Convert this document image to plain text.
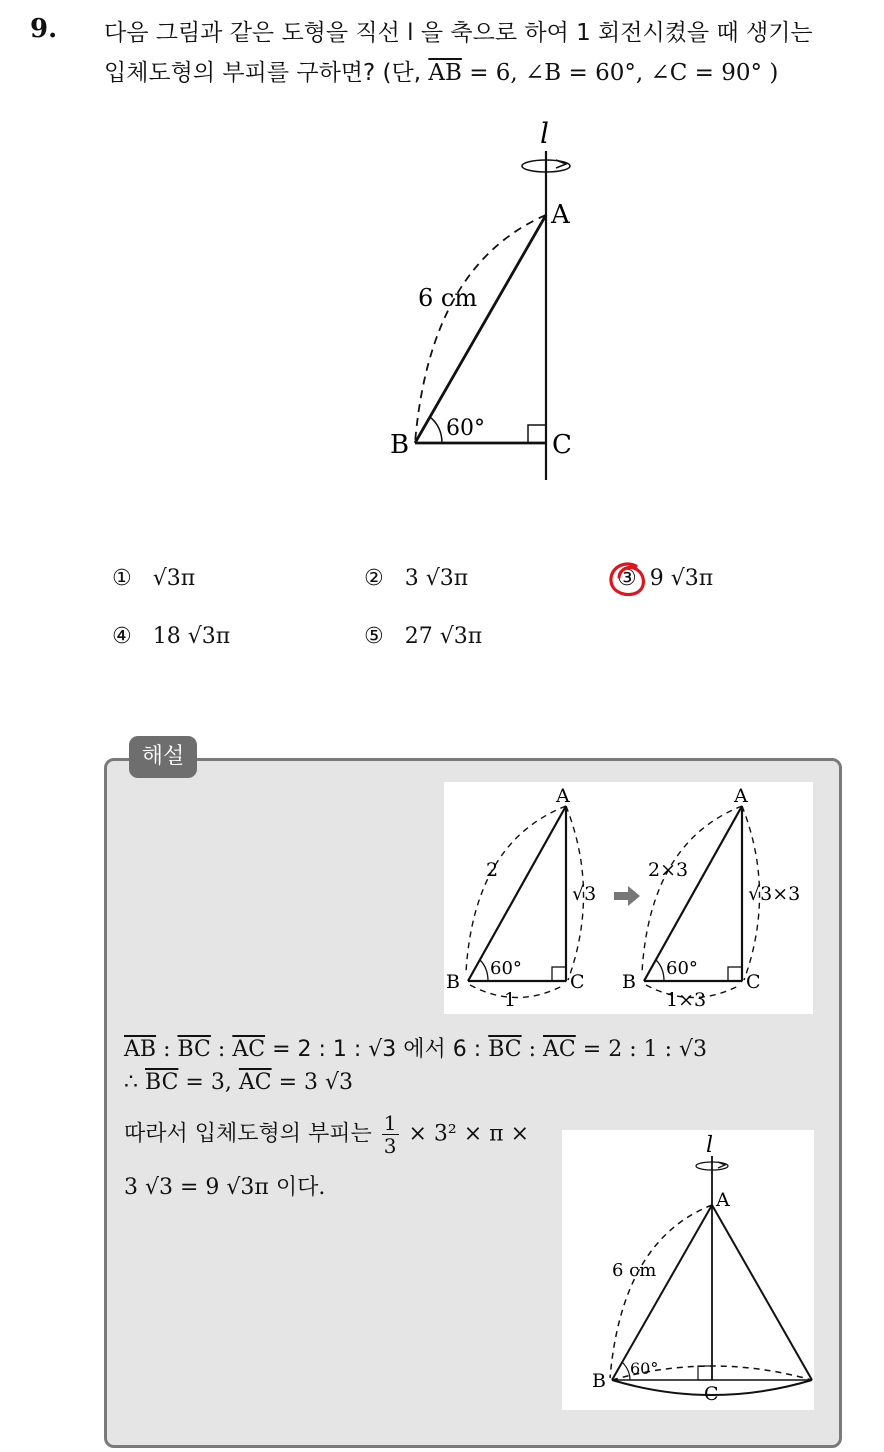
9. 다음 그림과 같은 도형을 직선 l 을 축으로 하여 1 회전시켰을 때 생기는
입체도형의 부피를 구하면? (단, $\overline{AB} = 6$, ∠B = 60°, ∠C = 90° )
l
A
B	C
6 cm
60°
① √3π	② 3 √3π	③ 9 √3π
④ 18 √3π	⑤ 27 √3π
해설
A
B	C
2
√3
1
60°
A
B	C
2×3
√3×3
1×3
60°
$\overline{AB}$ : $\overline{BC}$ : $\overline{AC} = 2$ : 1 : √3 에서 6 : $\overline{BC}$ : $\overline{AC} = 2$ : 1 : √3
∴ $\overline{BC} = 3$, $\overline{AC} = 3$ √3
따라서 입체도형의 부피는 $\frac{1}{3} \times 3^2 \times \pi$ ×
3 √3 = 9 √3π 이다.
l
A
B
C
6 cm
60°
